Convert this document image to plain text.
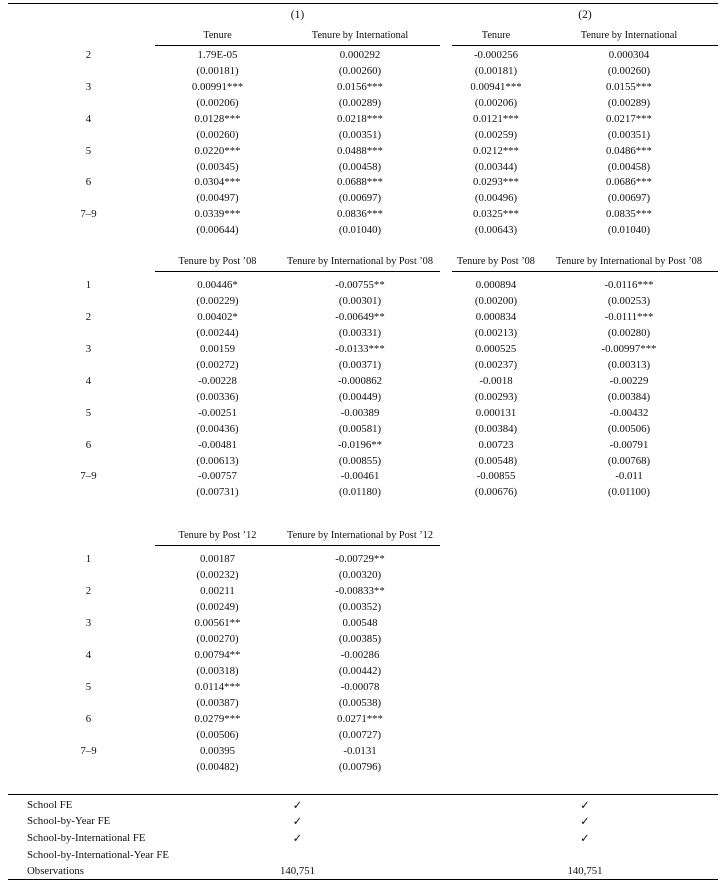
(1)	(2)
Tenure	Tenure by International	Tenure	Tenure by International
2	1.79E-05	0.000292	-0.000256	0.000304
(0.00181)	(0.00260)	(0.00181)	(0.00260)
3	0.00991***	0.0156***	0.00941***	0.0155***
(0.00206)	(0.00289)	(0.00206)	(0.00289)
4	0.0128***	0.0218***	0.0121***	0.0217***
(0.00260)	(0.00351)	(0.00259)	(0.00351)
5	0.0220***	0.0488***	0.0212***	0.0486***
(0.00345)	(0.00458)	(0.00344)	(0.00458)
6	0.0304***	0.0688***	0.0293***	0.0686***
(0.00497)	(0.00697)	(0.00496)	(0.00697)
7–9	0.0339***	0.0836***	0.0325***	0.0835***
(0.00644)	(0.01040)	(0.00643)	(0.01040)
Tenure by Post ’08	Tenure by International by Post ’08	Tenure by Post ’08	Tenure by International by Post ’08
1	0.00446*	-0.00755**	0.000894	-0.0116***
(0.00229)	(0.00301)	(0.00200)	(0.00253)
2	0.00402*	-0.00649**	0.000834	-0.0111***
(0.00244)	(0.00331)	(0.00213)	(0.00280)
3	0.00159	-0.0133***	0.000525	-0.00997***
(0.00272)	(0.00371)	(0.00237)	(0.00313)
4	-0.00228	-0.000862	-0.0018	-0.00229
(0.00336)	(0.00449)	(0.00293)	(0.00384)
5	-0.00251	-0.00389	0.000131	-0.00432
(0.00436)	(0.00581)	(0.00384)	(0.00506)
6	-0.00481	-0.0196**	0.00723	-0.00791
(0.00613)	(0.00855)	(0.00548)	(0.00768)
7–9	-0.00757	-0.00461	-0.00855	-0.011
(0.00731)	(0.01180)	(0.00676)	(0.01100)
Tenure by Post ’12	Tenure by International by Post ’12
1	0.00187	-0.00729**
(0.00232)	(0.00320)
2	0.00211	-0.00833**
(0.00249)	(0.00352)
3	0.00561**	0.00548
(0.00270)	(0.00385)
4	0.00794**	-0.00286
(0.00318)	(0.00442)
5	0.0114***	-0.00078
(0.00387)	(0.00538)
6	0.0279***	0.0271***
(0.00506)	(0.00727)
7–9	0.00395	-0.0131
(0.00482)	(0.00796)
School FE	✓	✓
School-by-Year FE	✓	✓
School-by-International FE	✓	✓
School-by-International-Year FE
Observations	140,751	140,751
